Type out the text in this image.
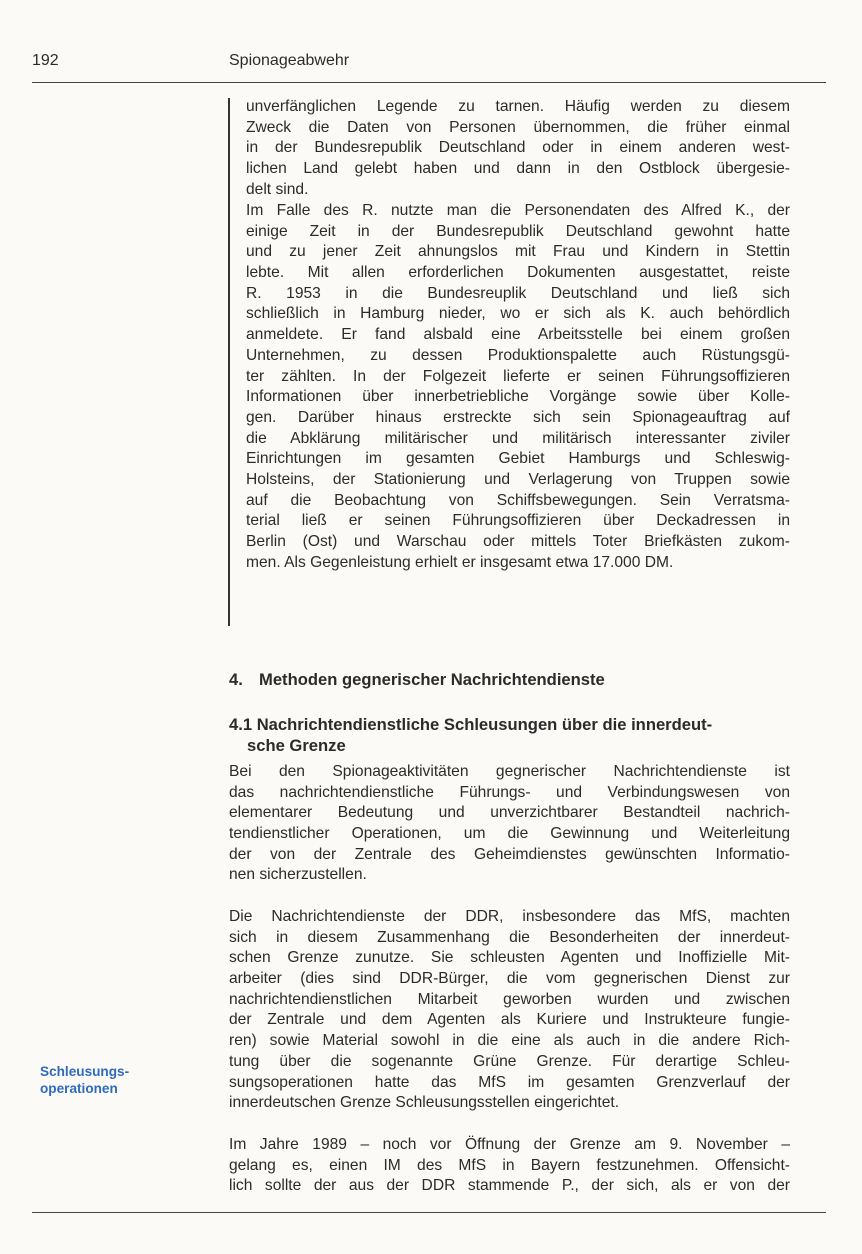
192	Spionageabwehr
unverfänglichen Legende zu tarnen. Häufig werden zu diesem
Zweck die Daten von Personen übernommen, die früher einmal
in der Bundesrepublik Deutschland oder in einem anderen west-
lichen Land gelebt haben und dann in den Ostblock übergesie-
delt sind.
Im Falle des R. nutzte man die Personendaten des Alfred K., der
einige Zeit in der Bundesrepublik Deutschland gewohnt hatte
und zu jener Zeit ahnungslos mit Frau und Kindern in Stettin
lebte. Mit allen erforderlichen Dokumenten ausgestattet, reiste
R. 1953 in die Bundesreuplik Deutschland und ließ sich
schließlich in Hamburg nieder, wo er sich als K. auch behördlich
anmeldete. Er fand alsbald eine Arbeitsstelle bei einem großen
Unternehmen, zu dessen Produktionspalette auch Rüstungsgü-
ter zählten. In der Folgezeit lieferte er seinen Führungsoffizieren
Informationen über innerbetriebliche Vorgänge sowie über Kolle-
gen. Darüber hinaus erstreckte sich sein Spionageauftrag auf
die Abklärung militärischer und militärisch interessanter ziviler
Einrichtungen im gesamten Gebiet Hamburgs und Schleswig-
Holsteins, der Stationierung und Verlagerung von Truppen sowie
auf die Beobachtung von Schiffsbewegungen. Sein Verratsma-
terial ließ er seinen Führungsoffizieren über Deckadressen in
Berlin (Ost) und Warschau oder mittels Toter Briefkästen zukom-
men. Als Gegenleistung erhielt er insgesamt etwa 17.000 DM.
4. Methoden gegnerischer Nachrichtendienste
4.1 Nachrichtendienstliche Schleusungen über die innerdeut-
sche Grenze
Bei den Spionageaktivitäten gegnerischer Nachrichtendienste ist
das nachrichtendienstliche Führungs- und Verbindungswesen von
elementarer Bedeutung und unverzichtbarer Bestandteil nachrich-
tendienstlicher Operationen, um die Gewinnung und Weiterleitung
der von der Zentrale des Geheimdienstes gewünschten Informatio-
nen sicherzustellen.
Die Nachrichtendienste der DDR, insbesondere das MfS, machten
sich in diesem Zusammenhang die Besonderheiten der innerdeut-
schen Grenze zunutze. Sie schleusten Agenten und Inoffizielle Mit-
arbeiter (dies sind DDR-Bürger, die vom gegnerischen Dienst zur
nachrichtendienstlichen Mitarbeit geworben wurden und zwischen
der Zentrale und dem Agenten als Kuriere und Instrukteure fungie-
ren) sowie Material sowohl in die eine als auch in die andere Rich-
tung über die sogenannte Grüne Grenze. Für derartige Schleu-
sungsoperationen hatte das MfS im gesamten Grenzverlauf der
innerdeutschen Grenze Schleusungsstellen eingerichtet.
Im Jahre 1989 – noch vor Öffnung der Grenze am 9. November –
gelang es, einen IM des MfS in Bayern festzunehmen. Offensicht-
lich sollte der aus der DDR stammende P., der sich, als er von der
Schleusungs-
operationen
